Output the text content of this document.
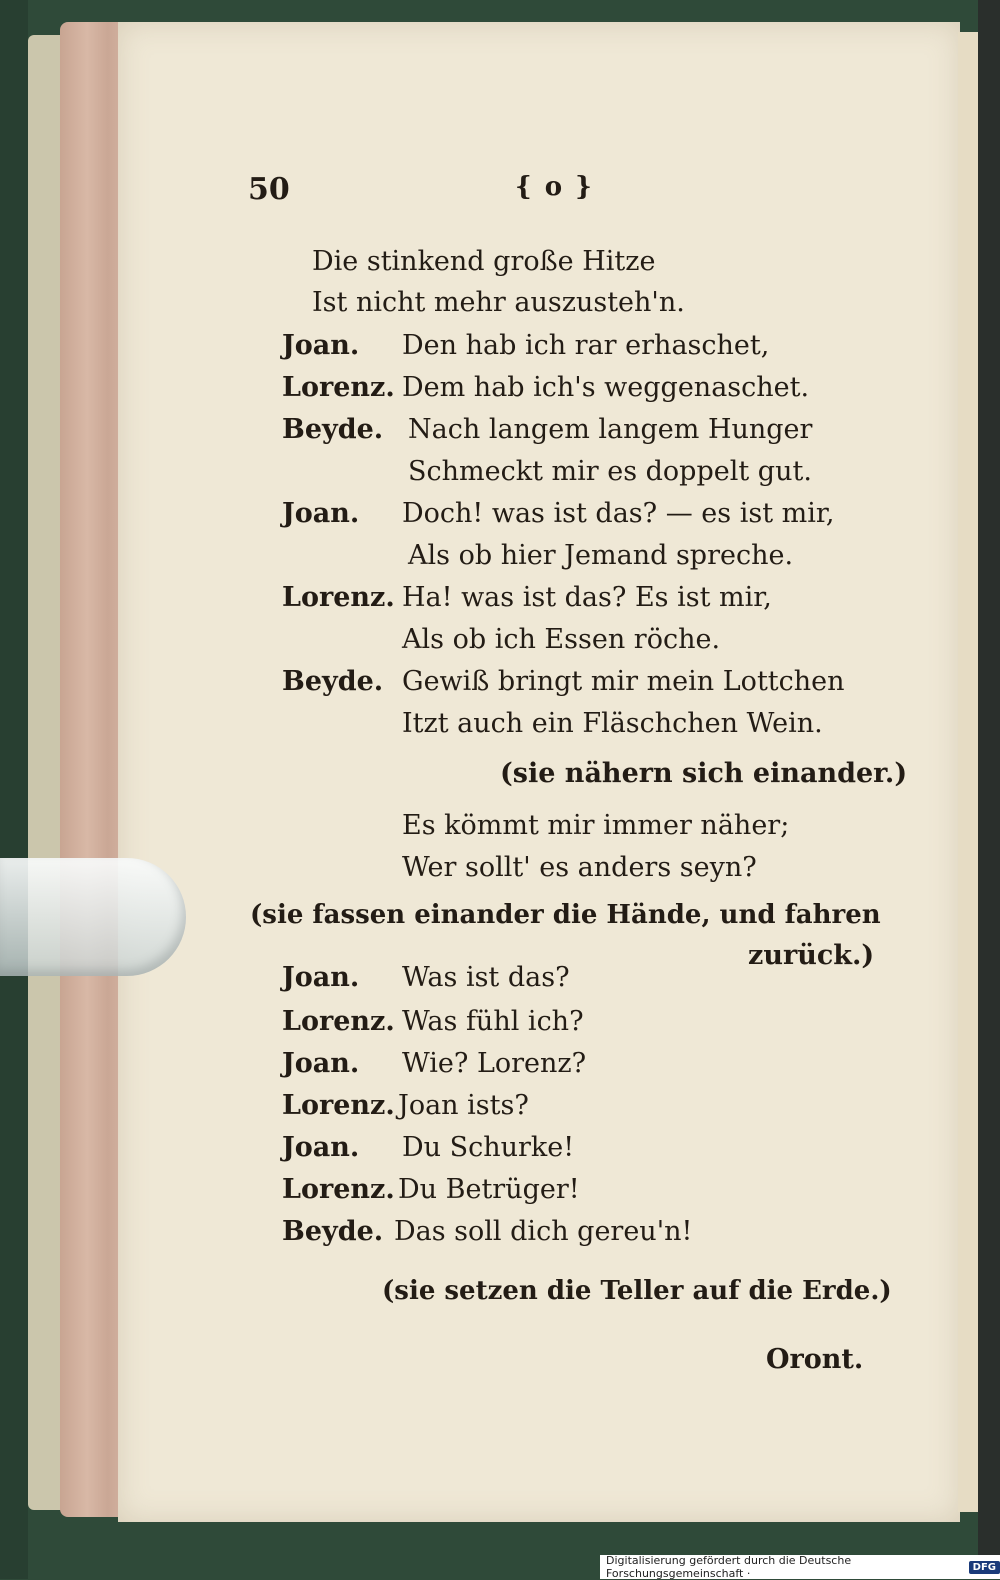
50	{ o }
Die stinkend große Hitze
Ist nicht mehr auszusteh'n.
Joan. Den hab ich rar erhaschet,
Lorenz. Dem hab ich's weggenaschet.
Beyde. Nach langem langem Hunger
Schmeckt mir es doppelt gut.
Joan. Doch! was ist das? — es ist mir,
Als ob hier Jemand spreche.
Lorenz. Ha! was ist das? Es ist mir,
Als ob ich Essen röche.
Beyde. Gewiß bringt mir mein Lottchen
Itzt auch ein Fläschchen Wein.
(sie nähern sich einander.)
Es kömmt mir immer näher;
Wer sollt' es anders seyn?
(sie fassen einander die Hände, und fahren
zurück.)
Joan. Was ist das?
Lorenz. Was fühl ich?
Joan. Wie? Lorenz?
Lorenz. Joan ists?
Joan. Du Schurke!
Lorenz. Du Betrüger!
Beyde. Das soll dich gereu'n!
(sie setzen die Teller auf die Erde.)
Oront.
Digitalisierung gefördert durch die Deutsche Forschungsgemeinschaft ·	DFG
